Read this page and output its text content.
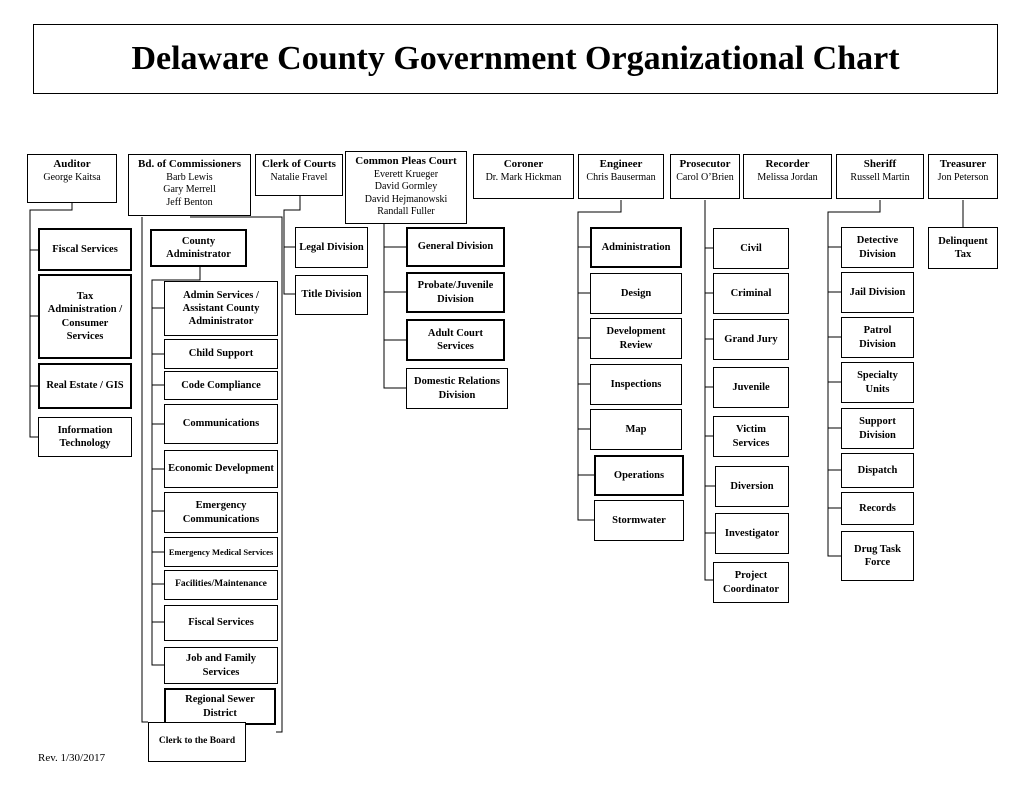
Delaware County Government Organizational Chart
Auditor
George Kaitsa
Bd. of Commissioners
Barb Lewis
Gary Merrell
Jeff Benton
Clerk of Courts
Natalie Fravel
Common Pleas Court
Everett Krueger
David Gormley
David Hejmanowski
Randall Fuller
Coroner
Dr. Mark Hickman
Engineer
Chris Bauserman
Prosecutor
Carol O’Brien
Recorder
Melissa Jordan
Sheriff
Russell Martin
Treasurer
Jon Peterson
Fiscal Services
Tax Administration / Consumer Services
Real Estate / GIS
Information Technology
County Administrator
Admin Services / Assistant County Administrator
Child Support
Code Compliance
Communications
Economic Development
Emergency Communications
Emergency Medical Services
Facilities/Maintenance
Fiscal Services
Job and Family Services
Regional Sewer District
Clerk to the Board
Legal Division
Title Division
General Division
Probate/Juvenile Division
Adult Court Services
Domestic Relations Division
Administration
Design
Development Review
Inspections
Map
Operations
Stormwater
Civil
Criminal
Grand Jury
Juvenile
Victim Services
Diversion
Investigator
Project Coordinator
Detective Division
Jail Division
Patrol Division
Specialty Units
Support Division
Dispatch
Records
Drug Task Force
Delinquent Tax
Rev. 1/30/2017
